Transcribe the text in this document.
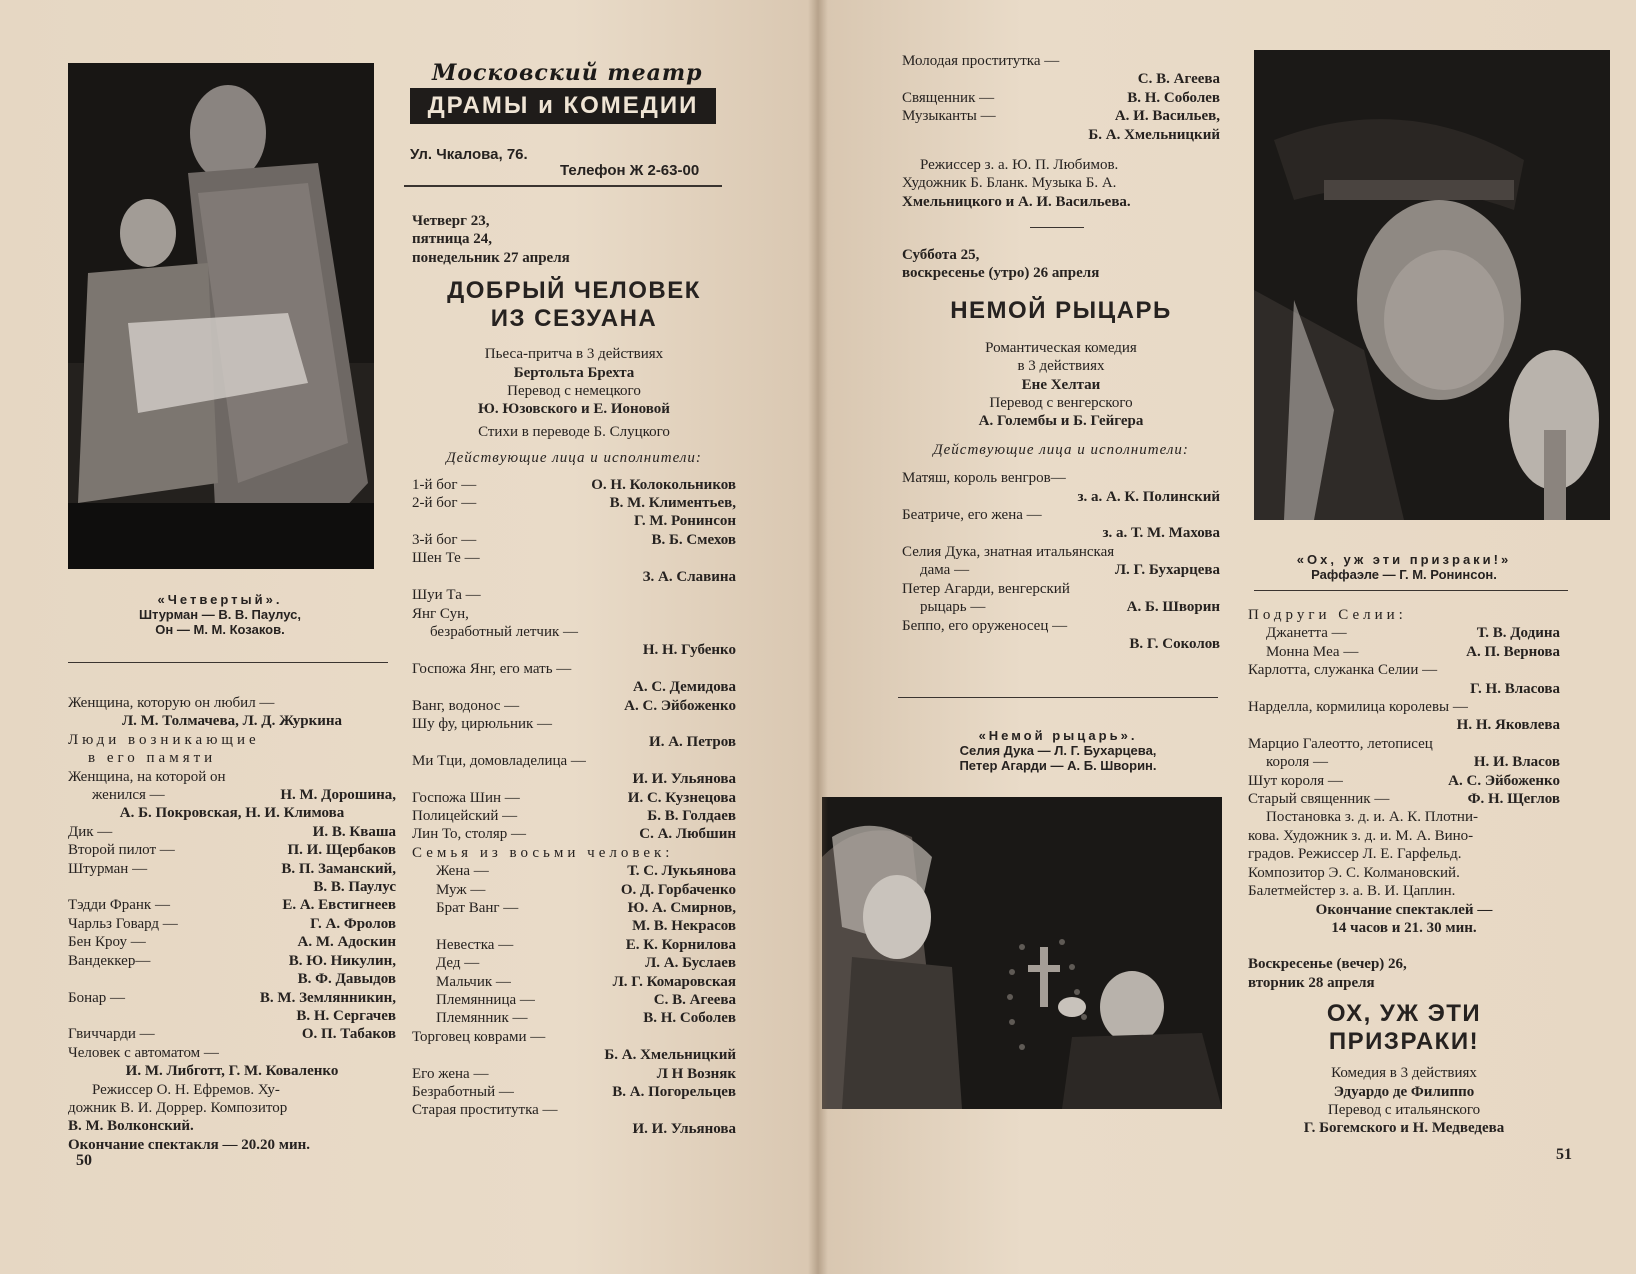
«Четвертый».
Штурман — В. В. Паулус,
Он — М. М. Козаков.
Женщина, которую он любил —
Л. М. Толмачева, Л. Д. Журкина
Люди возникающие
в его памяти
Женщина, на которой он
женился —	Н. М. Дорошина,
А. Б. Покровская, Н. И. Климова
Дик —	И. В. Кваша
Второй пилот —	П. И. Щербаков
Штурман —	В. П. Заманский,
В. В. Паулус
Тэдди Франк —	Е. А. Евстигнеев
Чарльз Говард —	Г. А. Фролов
Бен Кроу —	А. М. Адоскин
Вандеккер—	В. Ю. Никулин,
В. Ф. Давыдов
Бонар —	В. М. Землянникин,
В. Н. Сергачев
Гвиччарди —	О. П. Табаков
Человек с автоматом —
И. М. Либготт, Г. М. Коваленко
Режиссер О. Н. Ефремов. Ху-
дожник В. И. Доррер. Композитор
В. М. Волконский.
Окончание спектакля — 20.20 мин.
50
Московский театр
ДРАМЫ и КОМЕДИИ
Ул. Чкалова, 76.
Телефон Ж 2-63-00
Четверг 23,
пятница 24,
понедельник 27 апреля
ДОБРЫЙ ЧЕЛОВЕК
ИЗ СЕЗУАНА
Пьеса-притча в 3 действиях
Бертольта Брехта
Перевод с немецкого
Ю. Юзовского и Е. Ионовой
Стихи в переводе Б. Слуцкого
Действующие лица и исполнители:
1-й бог —	О. Н. Колокольников
2-й бог —	В. М. Климентьев,
Г. М. Ронинсон
3-й бог —	В. Б. Смехов
Шен Те —
З. А. Славина
Шуи Та —
Янг Сун,
безработный летчик —
Н. Н. Губенко
Госпожа Янг, его мать —
А. С. Демидова
Ванг, водонос —	А. С. Эйбоженко
Шу фу, цирюльник —
И. А. Петров
Ми Тци, домовладелица —
И. И. Ульянова
Госпожа Шин —	И. С. Кузнецова
Полицейский —	Б. В. Голдаев
Лин То, столяр —	С. А. Любшин
Семья из восьми человек:
Жена —	Т. С. Лукьянова
Муж —	О. Д. Горбаченко
Брат Ванг —	Ю. А. Смирнов,
М. В. Некрасов
Невестка —	Е. К. Корнилова
Дед —	Л. А. Буслаев
Мальчик —	Л. Г. Комаровская
Племянница —	С. В. Агеева
Племянник —	В. Н. Соболев
Торговец коврами —
Б. А. Хмельницкий
Его жена —	Л Н Возняк
Безработный —	В. А. Погорельцев
Старая проститутка —
И. И. Ульянова
Молодая проститутка —
С. В. Агеева
Священник —	В. Н. Соболев
Музыканты —	А. И. Васильев,
Б. А. Хмельницкий
Режиссер з. а. Ю. П. Любимов.
Художник Б. Бланк. Музыка Б. А.
Хмельницкого и А. И. Васильева.
Суббота 25,
воскресенье (утро) 26 апреля
НЕМОЙ РЫЦАРЬ
Романтическая комедия
в 3 действиях
Ене Хелтаи
Перевод с венгерского
А. Голембы и Б. Гейгера
Действующие лица и исполнители:
Матяш, король венгров—
з. а. А. К. Полинский
Беатриче, его жена —
з. а. Т. М. Махова
Селия Дука, знатная итальянская
дама —	Л. Г. Бухарцева
Петер Агарди, венгерский
рыцарь —	А. Б. Шворин
Беппо, его оруженосец —
В. Г. Соколов
«Немой рыцарь».
Селия Дука — Л. Г. Бухарцева,
Петер Агарди — А. Б. Шворин.
«Ох, уж эти призраки!»
Раффаэле — Г. М. Ронинсон.
Подруги Селии:
Джанетта —	Т. В. Додина
Монна Меа —	А. П. Вернова
Карлотта, служанка Селии —
Г. Н. Власова
Нарделла, кормилица королевы —
Н. Н. Яковлева
Марцио Галеотто, летописец
короля —	Н. И. Власов
Шут короля —	А. С. Эйбоженко
Старый священник —	Ф. Н. Щеглов
Постановка з. д. и. А. К. Плотни-
кова. Художник з. д. и. М. А. Вино-
градов. Режиссер Л. Е. Гарфельд.
Композитор Э. С. Колмановский.
Балетмейстер з. а. В. И. Цаплин.
Окончание спектаклей —
14 часов и 21. 30 мин.
Воскресенье (вечер) 26,
вторник 28 апреля
ОХ, УЖ ЭТИ
ПРИЗРАКИ!
Комедия в 3 действиях
Эдуардо де Филиппо
Перевод с итальянского
Г. Богемского и Н. Медведева
51
